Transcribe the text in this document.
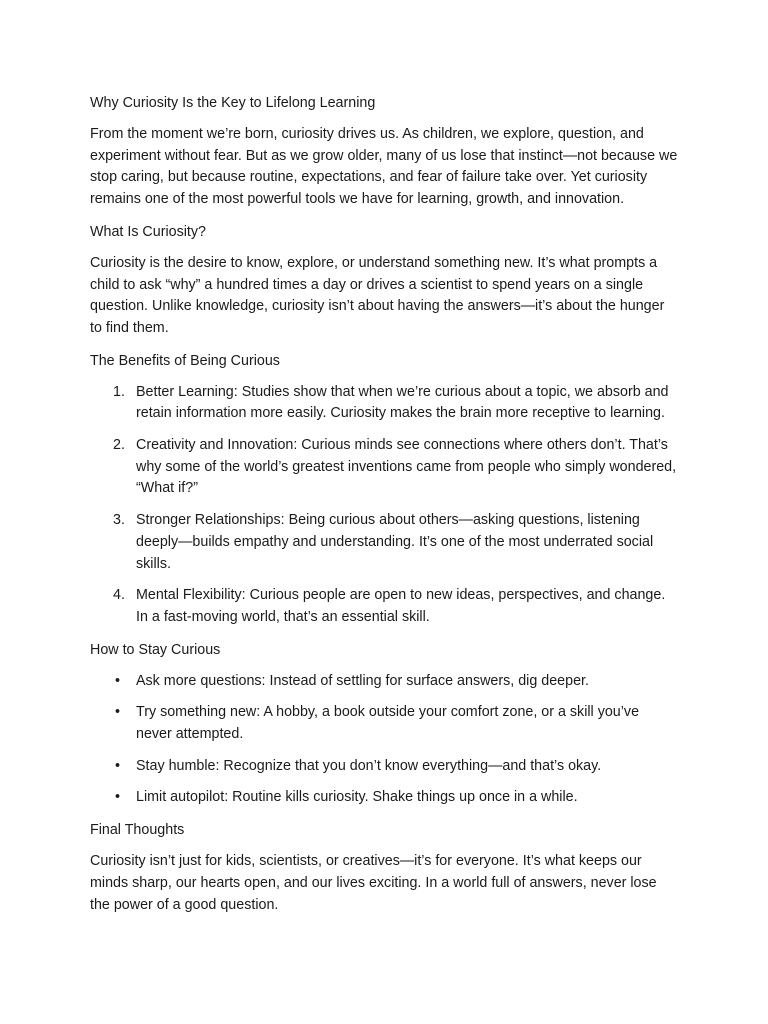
Why Curiosity Is the Key to Lifelong Learning

From the moment we’re born, curiosity drives us. As children, we explore, question, and experiment without fear. But as we grow older, many of us lose that instinct—not because we stop caring, but because routine, expectations, and fear of failure take over. Yet curiosity remains one of the most powerful tools we have for learning, growth, and innovation.

What Is Curiosity?

Curiosity is the desire to know, explore, or understand something new. It’s what prompts a child to ask “why” a hundred times a day or drives a scientist to spend years on a single question. Unlike knowledge, curiosity isn’t about having the answers—it’s about the hunger to find them.

The Benefits of Being Curious

1. Better Learning: Studies show that when we’re curious about a topic, we absorb and retain information more easily. Curiosity makes the brain more receptive to learning.
2. Creativity and Innovation: Curious minds see connections where others don’t. That’s why some of the world’s greatest inventions came from people who simply wondered, “What if?”
3. Stronger Relationships: Being curious about others—asking questions, listening deeply—builds empathy and understanding. It’s one of the most underrated social skills.
4. Mental Flexibility: Curious people are open to new ideas, perspectives, and change. In a fast-moving world, that’s an essential skill.

How to Stay Curious

• Ask more questions: Instead of settling for surface answers, dig deeper.
• Try something new: A hobby, a book outside your comfort zone, or a skill you’ve never attempted.
• Stay humble: Recognize that you don’t know everything—and that’s okay.
• Limit autopilot: Routine kills curiosity. Shake things up once in a while.

Final Thoughts

Curiosity isn’t just for kids, scientists, or creatives—it’s for everyone. It’s what keeps our minds sharp, our hearts open, and our lives exciting. In a world full of answers, never lose the power of a good question.
